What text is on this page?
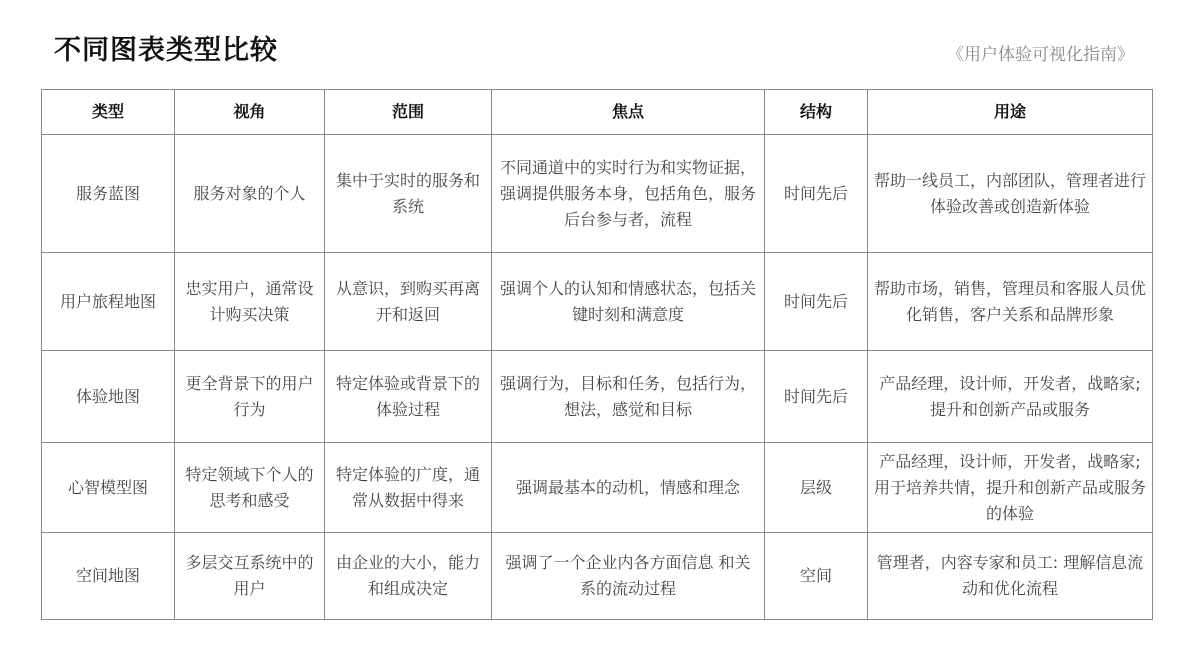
不同图表类型比较	《用户体验可视化指南》
类型	视角	范围	焦点	结构	用途
服务蓝图	服务对象的个人	集中于实时的服务和系统	不同通道中的实时行为和实物证据，强调提供服务本身，包括角色，服务后台参与者，流程	时间先后	帮助一线员工，内部团队，管理者进行体验改善或创造新体验
用户旅程地图	忠实用户，通常设计购买决策	从意识，到购买再离开和返回	强调个人的认知和情感状态，包括关键时刻和满意度	时间先后	帮助市场，销售，管理员和客服人员优化销售，客户关系和品牌形象
体验地图	更全背景下的用户行为	特定体验或背景下的体验过程	强调行为，目标和任务，包括行为，想法，感觉和目标	时间先后	产品经理，设计师，开发者，战略家;提升和创新产品或服务
心智模型图	特定领域下个人的思考和感受	特定体验的广度，通常从数据中得来	强调最基本的动机，情感和理念	层级	产品经理，设计师，开发者，战略家;用于培养共情，提升和创新产品或服务的体验
空间地图	多层交互系统中的用户	由企业的大小，能力和组成决定	强调了一个企业内各方面信息 和关系的流动过程	空间	管理者，内容专家和员工: 理解信息流动和优化流程
